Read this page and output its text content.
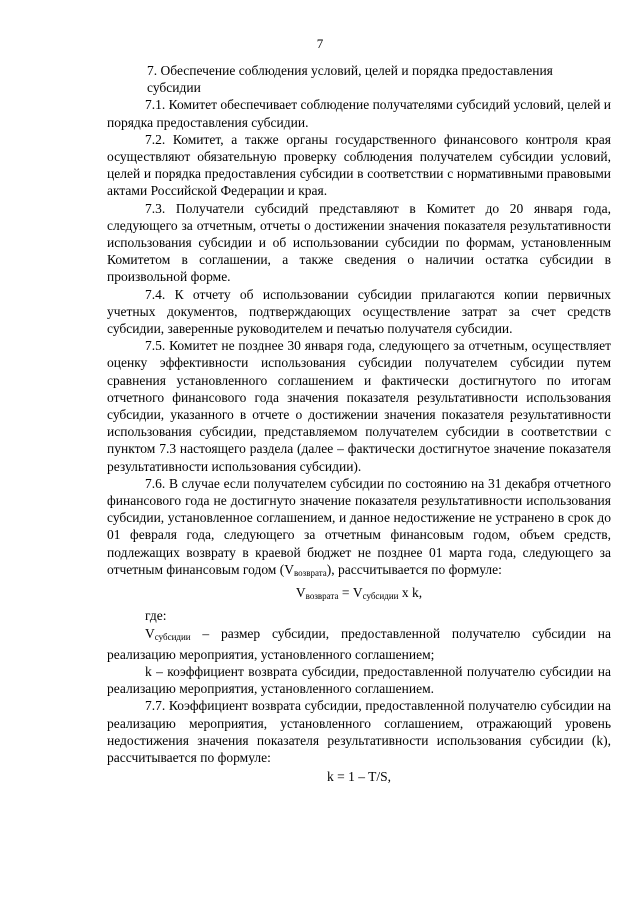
7

7. Обеспечение соблюдения условий, целей и порядка предоставления субсидии

7.1. Комитет обеспечивает соблюдение получателями субсидий условий, целей и порядка предоставления субсидии.

7.2. Комитет, а также органы государственного финансового контроля края осуществляют обязательную проверку соблюдения получателем субсидии условий, целей и порядка предоставления субсидии в соответствии с нормативными правовыми актами Российской Федерации и края.

7.3. Получатели субсидий представляют в Комитет до 20 января года, следующего за отчетным, отчеты о достижении значения показателя результативности использования субсидии и об использовании субсидии по формам, установленным Комитетом в соглашении, а также сведения о наличии остатка субсидии в произвольной форме.

7.4. К отчету об использовании субсидии прилагаются копии первичных учетных документов, подтверждающих осуществление затрат за счет средств субсидии, заверенные руководителем и печатью получателя субсидии.

7.5. Комитет не позднее 30 января года, следующего за отчетным, осуществляет оценку эффективности использования субсидии получателем субсидии путем сравнения установленного соглашением и фактически достигнутого по итогам отчетного финансового года значения показателя результативности использования субсидии, указанного в отчете о достижении значения показателя результативности использования субсидии, представляемом получателем субсидии в соответствии с пунктом 7.3 настоящего раздела (далее – фактически достигнутое значение показателя результативности использования субсидии).

7.6. В случае если получателем субсидии по состоянию на 31 декабря отчетного финансового года не достигнуто значение показателя результативности использования субсидии, установленное соглашением, и данное недостижение не устранено в срок до 01 февраля года, следующего за отчетным финансовым годом, объем средств, подлежащих возврату в краевой бюджет не позднее 01 марта года, следующего за отчетным финансовым годом $(V_{возврата})$, рассчитывается по формуле:

$V_{возврата} = V_{субсидии}$ x k,

где:

$V_{субсидии}$ – размер субсидии, предоставленной получателю субсидии на реализацию мероприятия, установленного соглашением;

k – коэффициент возврата субсидии, предоставленной получателю субсидии на реализацию мероприятия, установленного соглашением.

7.7. Коэффициент возврата субсидии, предоставленной получателю субсидии на реализацию мероприятия, установленного соглашением, отражающий уровень недостижения значения показателя результативности использования субсидии (k), рассчитывается по формуле:

k = 1 – T/S,
